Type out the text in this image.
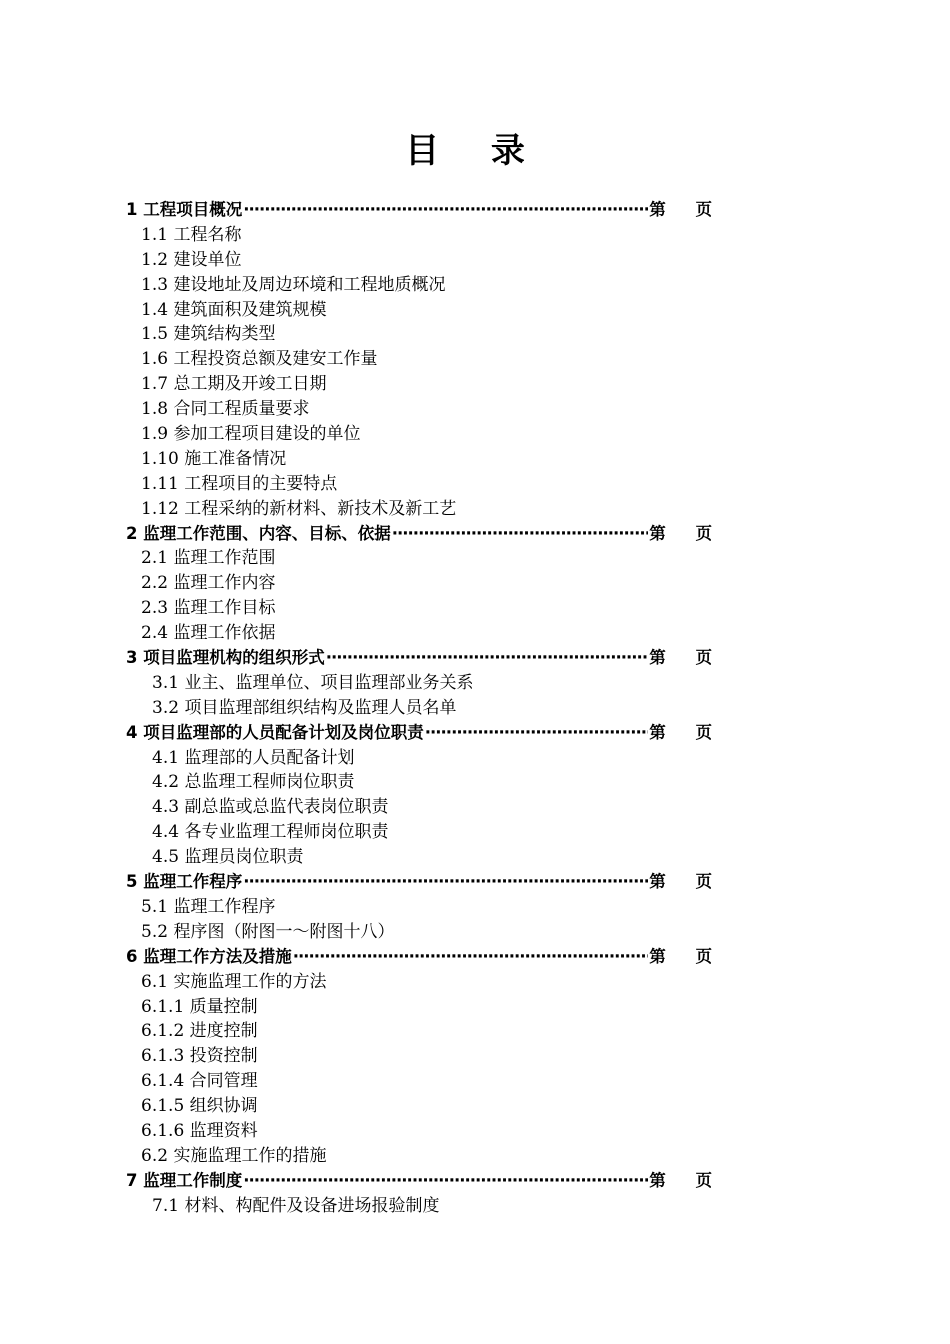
目 录
1 工程项目概况 ·····	第 页
1.1 工程名称
1.2 建设单位
1.3 建设地址及周边环境和工程地质概况
1.4 建筑面积及建筑规模
1.5 建筑结构类型
1.6 工程投资总额及建安工作量
1.7 总工期及开竣工日期
1.8 合同工程质量要求
1.9 参加工程项目建设的单位
1.10 施工准备情况
1.11 工程项目的主要特点
1.12 工程采纳的新材料、新技术及新工艺
2 监理工作范围、内容、目标、依据 ·····	第 页
2.1 监理工作范围
2.2 监理工作内容
2.3 监理工作目标
2.4 监理工作依据
3 项目监理机构的组织形式 ·····	第 页
3.1 业主、监理单位、项目监理部业务关系
3.2 项目监理部组织结构及监理人员名单
4 项目监理部的人员配备计划及岗位职责 ·····	第 页
4.1 监理部的人员配备计划
4.2 总监理工程师岗位职责
4.3 副总监或总监代表岗位职责
4.4 各专业监理工程师岗位职责
4.5 监理员岗位职责
5 监理工作程序 ·····	第 页
5.1 监理工作程序
5.2 程序图（附图一～附图十八）
6 监理工作方法及措施 ·····	第 页
6.1 实施监理工作的方法
6.1.1 质量控制
6.1.2 进度控制
6.1.3 投资控制
6.1.4 合同管理
6.1.5 组织协调
6.1.6 监理资料
6.2 实施监理工作的措施
7 监理工作制度 ·····	第 页
7.1 材料、构配件及设备进场报验制度
